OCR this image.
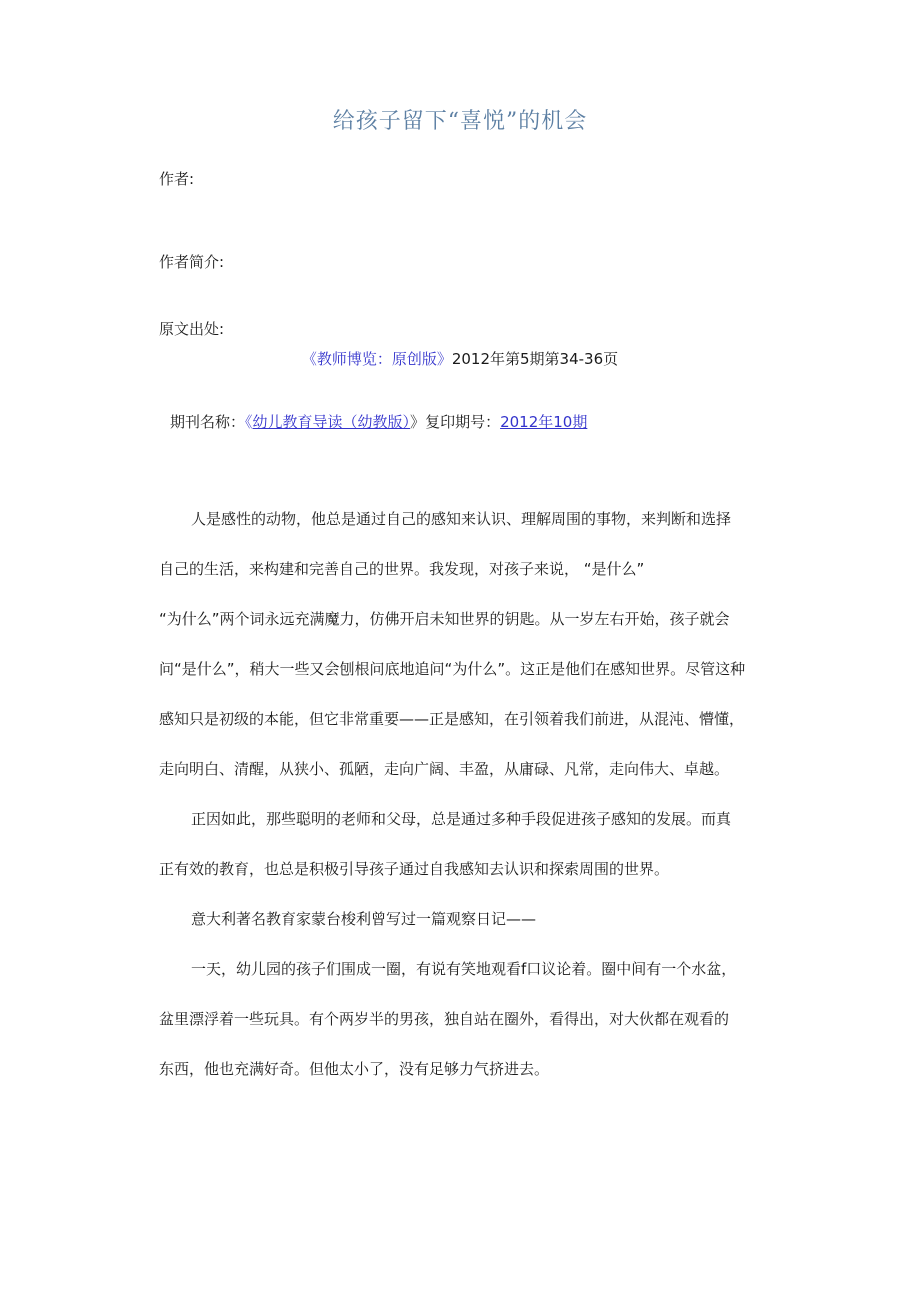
给孩子留下“喜悦”的机会
作者:
作者简介:
原文出处:
《教师博览：原创版》2012年第5期第34-36页
期刊名称：《幼儿教育导读（幼教版）》复印期号：2012年10期
人是感性的动物，他总是通过自己的感知来认识、理解周围的事物，来判断和选择
自己的生活，来构建和完善自己的世界。我发现，对孩子来说， “是什么”
“为什么”两个词永远充满魔力，仿佛开启未知世界的钥匙。从一岁左右开始，孩子就会
问“是什么”，稍大一些又会刨根问底地追问“为什么”。这正是他们在感知世界。尽管这种
感知只是初级的本能，但它非常重要——正是感知，在引领着我们前进，从混沌、懵懂，
走向明白、清醒，从狭小、孤陋，走向广阔、丰盈，从庸碌、凡常，走向伟大、卓越。
正因如此，那些聪明的老师和父母，总是通过多种手段促进孩子感知的发展。而真
正有效的教育，也总是积极引导孩子通过自我感知去认识和探索周围的世界。
意大利著名教育家蒙台梭利曾写过一篇观察日记——
一天，幼儿园的孩子们围成一圈，有说有笑地观看f口议论着。圈中间有一个水盆，
盆里漂浮着一些玩具。有个两岁半的男孩，独自站在圈外，看得出，对大伙都在观看的
东西，他也充满好奇。但他太小了，没有足够力气挤进去。
